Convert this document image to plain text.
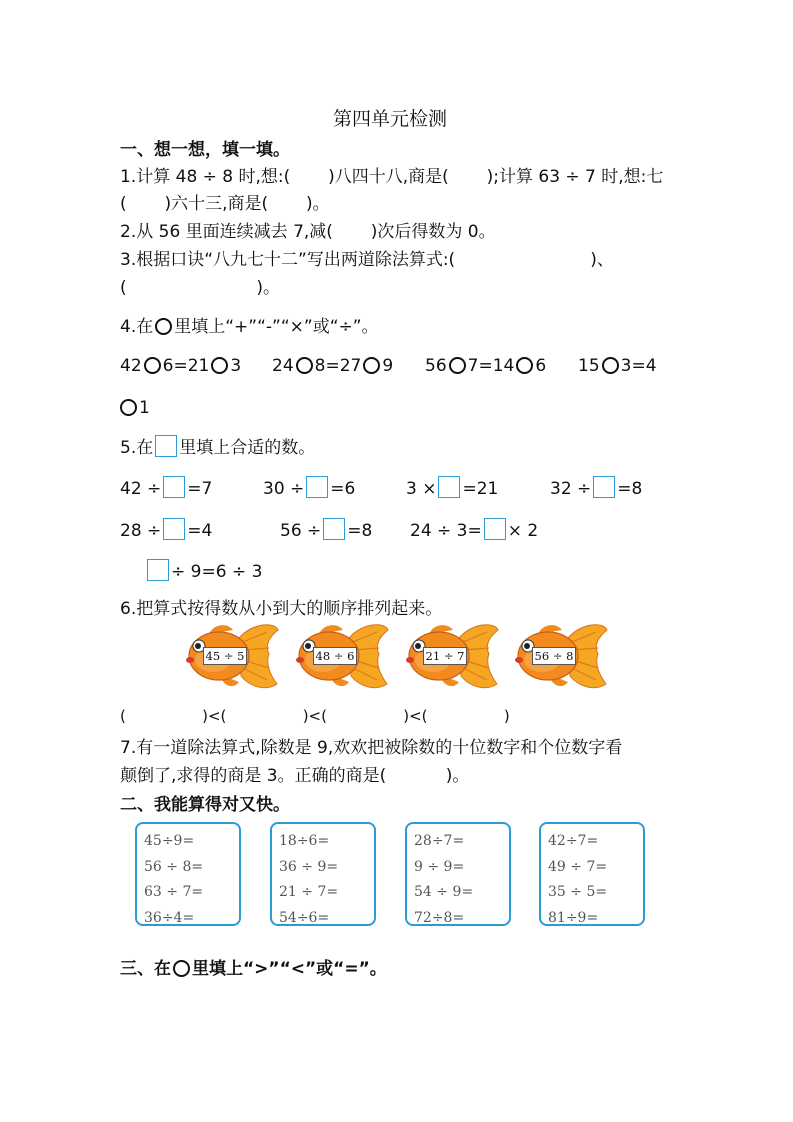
第四单元检测
一、想一想，填一填。
1.计算 48 ÷ 8 时,想:(       )八四十八,商是(       );计算 63 ÷ 7 时,想:七
(       )六十三,商是(       )。
2.从 56 里面连续减去 7,减(       )次后得数为 0。
3.根据口诀“八九七十二”写出两道除法算式:(                         )、
(                        )。
4.在 里填上“+”“-”“×”或“÷”。
42 6=21 3 24 8=27 9 56 7=14 6 15 3=4
1
5.在 里填上合适的数。
42 ÷ =7	30 ÷ =6	3 × =21	32 ÷ =8
28 ÷ =4	56 ÷ =8 24 ÷ 3= × 2
÷ 9=6 ÷ 3
6.把算式按得数从小到大的顺序排列起来。
45 ÷ 5	48 ÷ 6	21 ÷ 7	56 ÷ 8
(                )<(                )<(                )<(                )
7.有一道除法算式,除数是 9,欢欢把被除数的十位数字和个位数字看
颠倒了,求得的商是 3。正确的商是(           )。
二、我能算得对又快。
45÷9=
56 ÷ 8=
63 ÷ 7=
36÷4=
18÷6=
36 ÷ 9=
21 ÷ 7=
54÷6=
28÷7=
9 ÷ 9=
54 ÷ 9=
72÷8=
42÷7=
49 ÷ 7=
35 ÷ 5=
81÷9=
三、在 里填上“>”“<”或“=”。
